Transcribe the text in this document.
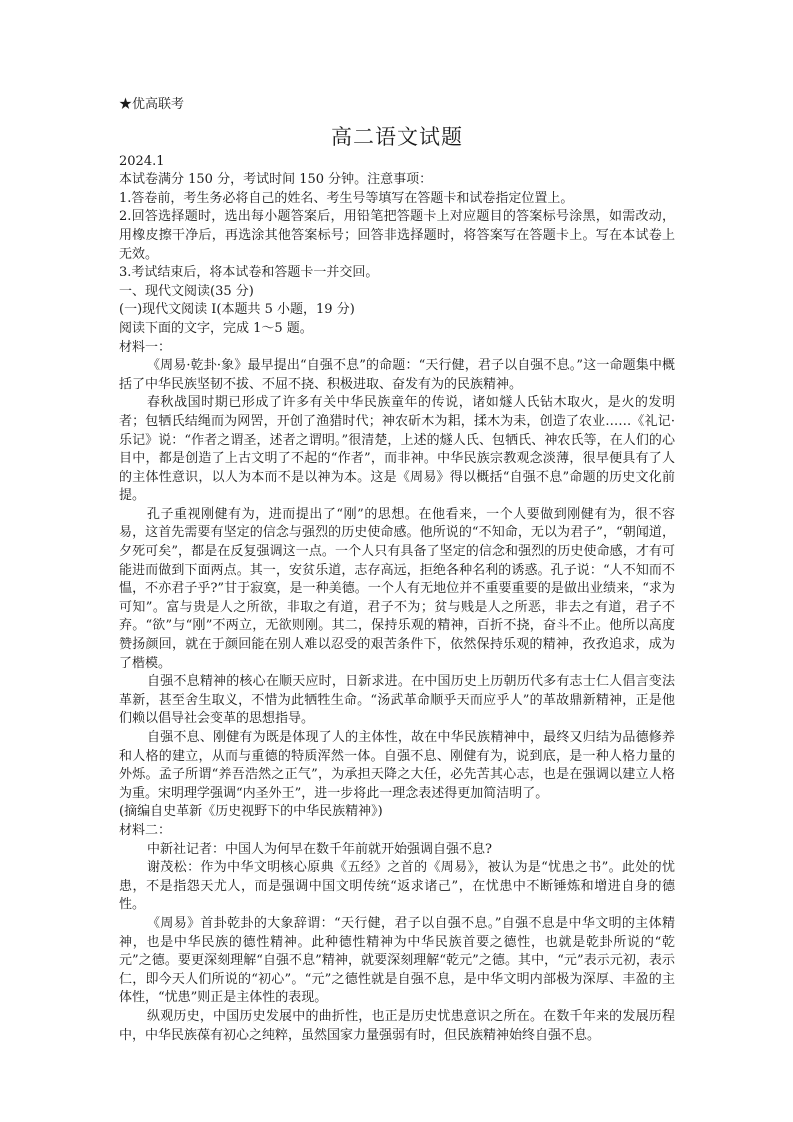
★优高联考

高二语文试题

2024.1

本试卷满分 150 分，考试时间 150 分钟。注意事项：

1.答卷前，考生务必将自己的姓名、考生号等填写在答题卡和试卷指定位置上。

2.回答选择题时，选出每小题答案后，用铅笔把答题卡上对应题目的答案标号涂黑，如需改动，用橡皮擦干净后，再选涂其他答案标号；回答非选择题时，将答案写在答题卡上。写在本试卷上无效。

3.考试结束后，将本试卷和答题卡一并交回。

一、现代文阅读(35 分)

(一)现代文阅读 I(本题共 5 小题，19 分)

阅读下面的文字，完成 1～5 题。

材料一：

《周易·乾卦·象》最早提出“自强不息”的命题：“天行健，君子以自强不息。”这一命题集中概括了中华民族坚韧不拔、不屈不挠、积极进取、奋发有为的民族精神。

春秋战国时期已形成了许多有关中华民族童年的传说，诸如燧人氏钻木取火，是火的发明者；包牺氏结绳而为网罟，开创了渔猎时代；神农斫木为耜，揉木为耒，创造了农业……《礼记·乐记》说：“作者之谓圣，述者之谓明。”很清楚，上述的燧人氏、包牺氏、神农氏等，在人们的心目中，都是创造了上古文明了不起的“作者”，而非神。中华民族宗教观念淡薄，很早便具有了人的主体性意识，以人为本而不是以神为本。这是《周易》得以概括“自强不息”命题的历史文化前提。

孔子重视刚健有为，进而提出了“刚”的思想。在他看来，一个人要做到刚健有为，很不容易，这首先需要有坚定的信念与强烈的历史使命感。他所说的“不知命，无以为君子”，“朝闻道，夕死可矣”，都是在反复强调这一点。一个人只有具备了坚定的信念和强烈的历史使命感，才有可能进而做到下面两点。其一，安贫乐道，志存高远，拒绝各种名利的诱惑。孔子说：“人不知而不愠，不亦君子乎?”甘于寂寞，是一种美德。一个人有无地位并不重要重要的是做出业绩来，“求为可知”。富与贵是人之所欲，非取之有道，君子不为；贫与贱是人之所恶，非去之有道，君子不弃。“欲”与“刚”不两立，无欲则刚。其二，保持乐观的精神，百折不挠，奋斗不止。他所以高度赞扬颜回，就在于颜回能在别人难以忍受的艰苦条件下，依然保持乐观的精神，孜孜追求，成为了楷模。

自强不息精神的核心在顺天应时，日新求进。在中国历史上历朝历代多有志士仁人倡言变法革新，甚至舍生取义，不惜为此牺牲生命。“汤武革命顺乎天而应乎人”的革故鼎新精神，正是他们赖以倡导社会变革的思想指导。

自强不息、刚健有为既是体现了人的主体性，故在中华民族精神中，最终又归结为品德修养和人格的建立，从而与重德的特质浑然一体。自强不息、刚健有为，说到底，是一种人格力量的外烁。孟子所谓“养吾浩然之正气”，为承担天降之大任，必先苦其心志，也是在强调以建立人格为重。宋明理学强调“内圣外王”，进一步将此一理念表述得更加简洁明了。

(摘编自史革新《历史视野下的中华民族精神》)

材料二：

中新社记者：中国人为何早在数千年前就开始强调自强不息?

谢茂松：作为中华文明核心原典《五经》之首的《周易》，被认为是“忧患之书”。此处的忧患，不是指怨天尤人，而是强调中国文明传统“返求诸己”，在忧患中不断锤炼和增进自身的德性。

《周易》首卦乾卦的大象辞谓：“天行健，君子以自强不息。”自强不息是中华文明的主体精神，也是中华民族的德性精神。此种德性精神为中华民族首要之德性，也就是乾卦所说的“乾元”之德。要更深刻理解“自强不息”精神，就要深刻理解“乾元”之德。其中，“元”表示元初，表示仁，即今天人们所说的“初心”。“元”之德性就是自强不息，是中华文明内部极为深厚、丰盈的主体性，“忧患”则正是主体性的表现。

纵观历史，中国历史发展中的曲折性，也正是历史忧患意识之所在。在数千年来的发展历程中，中华民族葆有初心之纯粹，虽然国家力量强弱有时，但民族精神始终自强不息。
